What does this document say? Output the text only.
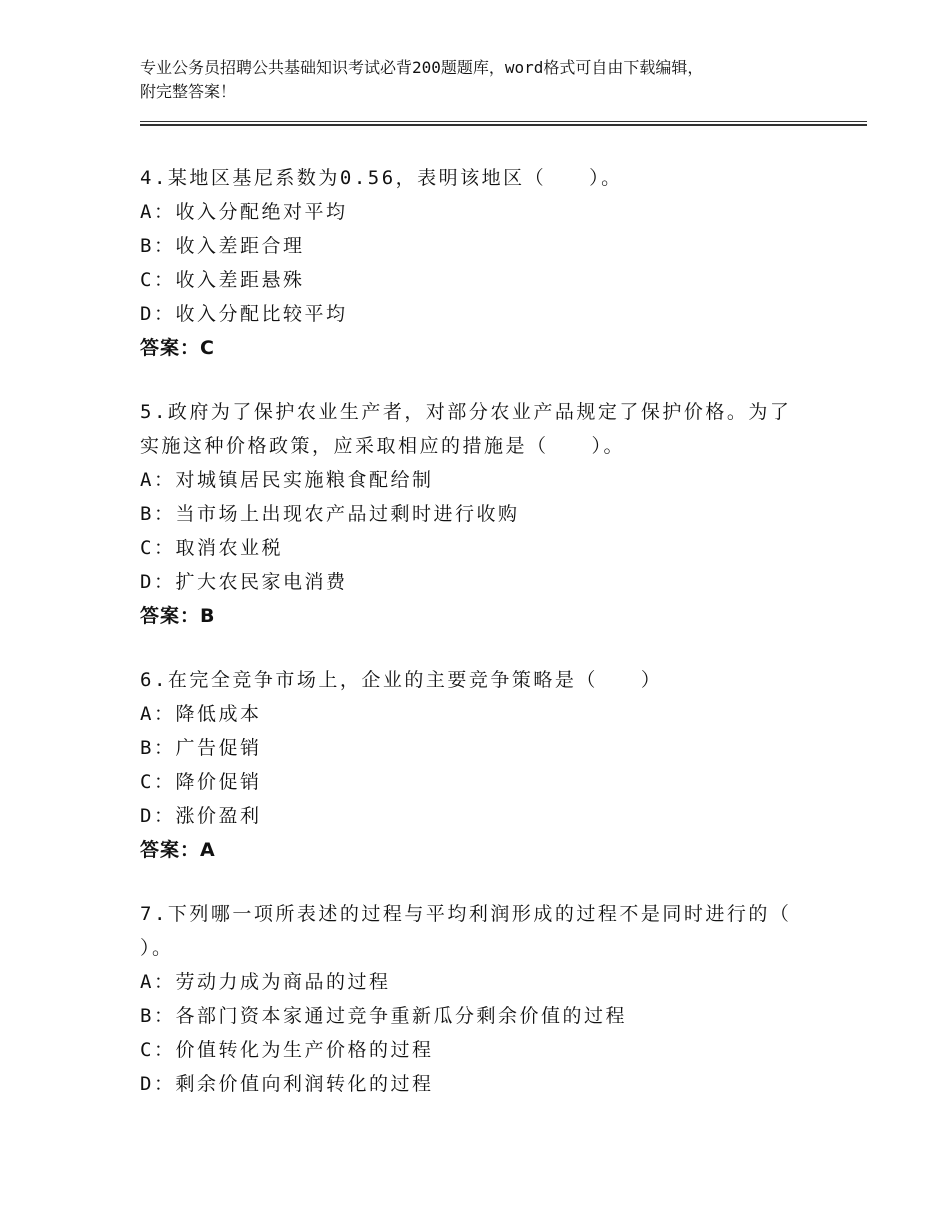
专业公务员招聘公共基础知识考试必背200题题库，word格式可自由下载编辑，
附完整答案！
4.某地区基尼系数为0.56，表明该地区（　　）。
A：收入分配绝对平均
B：收入差距合理
C：收入差距悬殊
D：收入分配比较平均
答案：C
5.政府为了保护农业生产者，对部分农业产品规定了保护价格。为了
实施这种价格政策，应采取相应的措施是（　　）。
A：对城镇居民实施粮食配给制
B：当市场上出现农产品过剩时进行收购
C：取消农业税
D：扩大农民家电消费
答案：B
6.在完全竞争市场上，企业的主要竞争策略是（　　）
A：降低成本
B：广告促销
C：降价促销
D：涨价盈利
答案：A
7.下列哪一项所表述的过程与平均利润形成的过程不是同时进行的（
）。
A：劳动力成为商品的过程
B：各部门资本家通过竞争重新瓜分剩余价值的过程
C：价值转化为生产价格的过程
D：剩余价值向利润转化的过程
